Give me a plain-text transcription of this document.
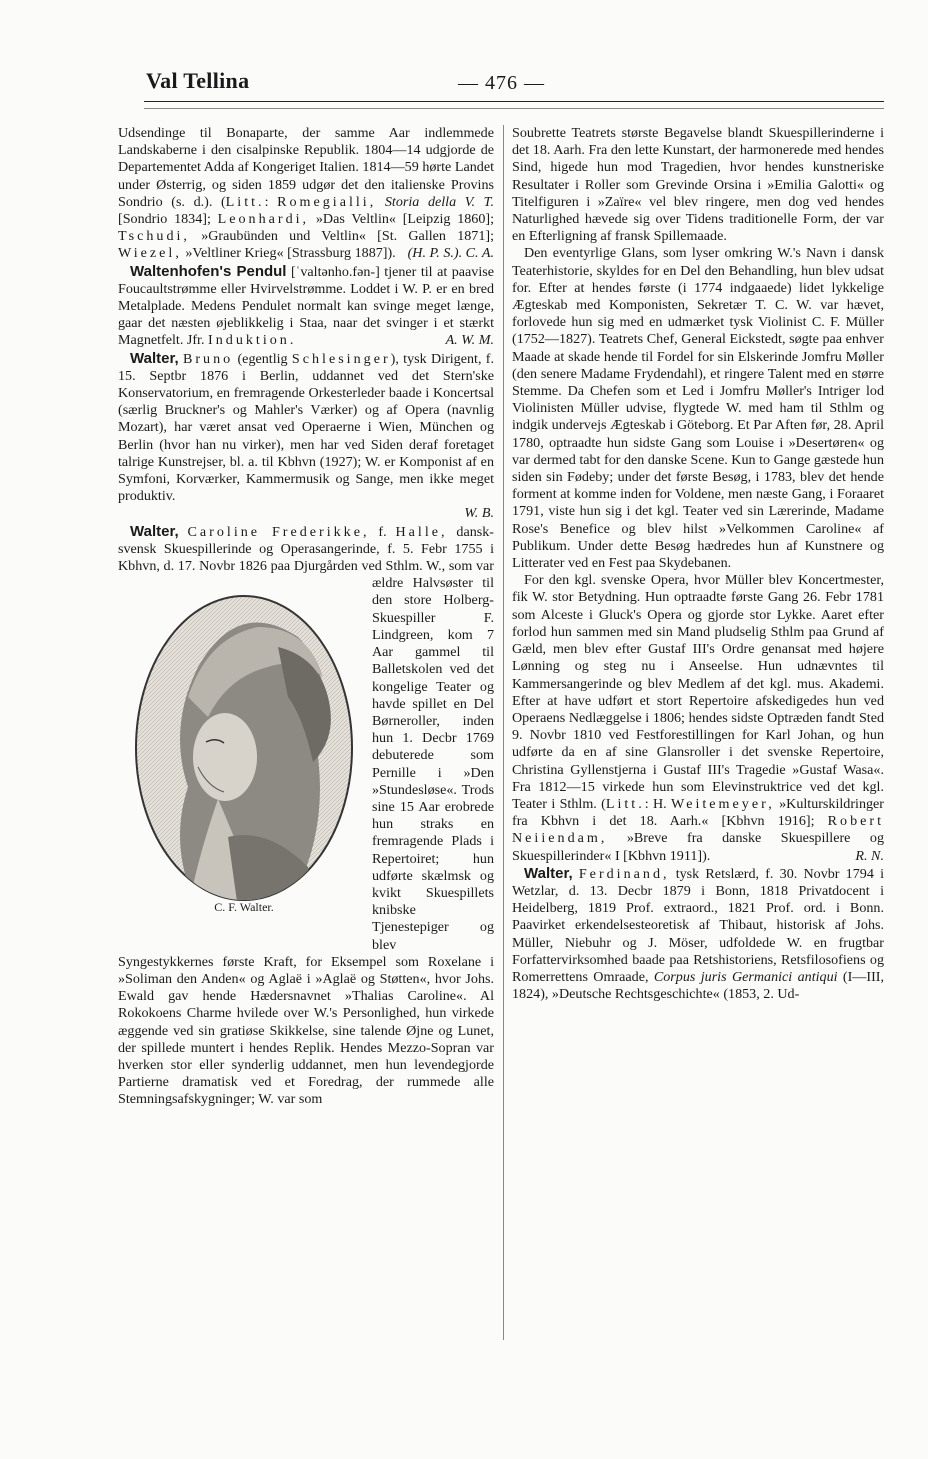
Val Tellina	— 476 —

Udsendinge til Bonaparte, der samme Aar indlemmede Landskaberne i den cisalpinske Republik. 1804—14 udgjorde de Departementet Adda af Kongeriget Italien. 1814—59 hørte Landet under Østerrig, og siden 1859 udgør det den italienske Provins Sondrio (s. d.). (Litt.: Romegialli, Storia della V. T. [Sondrio 1834]; Leonhardi, »Das Veltlin« [Leipzig 1860]; Tschudi, »Graubünden und Veltlin« [St. Gallen 1871]; Wiezel, »Veltliner Krieg« [Strassburg 1887]). (H. P. S.). C. A.

Waltenhofen's Pendul [ˈvaltənho.fən-] tjener til at paavise Foucaultstrømme eller Hvirvelstrømme. Loddet i W. P. er en bred Metalplade. Medens Pendulet normalt kan svinge meget længe, gaar det næsten øjeblikkelig i Staa, naar det svinger i et stærkt Magnetfelt. Jfr. Induktion.	A. W. M.

Walter, Bruno (egentlig Schlesinger), tysk Dirigent, f. 15. Septbr 1876 i Berlin, uddannet ved det Stern'ske Konservatorium, en fremragende Orkesterleder baade i Koncertsal (særlig Bruckner's og Mahler's Værker) og af Opera (navnlig Mozart), har været ansat ved Operaerne i Wien, München og Berlin (hvor han nu virker), men har ved Siden deraf foretaget talrige Kunstrejser, bl. a. til Kbhvn (1927); W. er Komponist af en Symfoni, Korværker, Kammermusik og Sange, men ikke meget produktiv.

W. B.

Walter, Caroline Frederikke, f. Halle, dansk-svensk Skuespillerinde og Operasangerinde, f. 5. Febr 1755 i Kbhvn, d. 17. Novbr 1826 paa Djurgården ved Sthlm. W., som
C. F. Walter.
var ældre Halvsøster til den store Holberg-Skuespiller F. Lindgreen, kom 7 Aar gammel til Balletskolen ved det kongelige Teater og havde spillet en Del Børneroller, inden hun 1. Decbr 1769 debuterede som Pernille i »Den »Stundesløse«. Trods sine 15 Aar erobrede hun straks en fremragende Plads i Repertoiret; hun udførte skælmsk og kvikt Skuespillets knibske Tjenestepiger og blev Syngestykkernes første Kraft, for Eksempel som Roxelane i »Soliman den Anden« og Aglaë i »Aglaë og Støtten«, hvor Johs. Ewald gav hende Hædersnavnet »Thalias Caroline«. Al Rokokoens Charme hvilede over W.'s Personlighed, hun virkede æggende ved sin gratiøse Skikkelse, sine talende Øjne og Lunet, der spillede muntert i hendes Replik. Hendes Mezzo-Sopran var hverken stor eller synderlig uddannet, men hun levendegjorde Partierne dramatisk ved et Foredrag, der rummede alle Stemningsafskygninger; W. var som

Soubrette Teatrets største Begavelse blandt Skuespillerinderne i det 18. Aarh. Fra den lette Kunstart, der harmonerede med hendes Sind, higede hun mod Tragedien, hvor hendes kunstneriske Resultater i Roller som Grevinde Orsina i »Emilia Galotti« og Titelfiguren i »Zaïre« vel blev ringere, men dog ved hendes Naturlighed hævede sig over Tidens traditionelle Form, der var en Efterligning af fransk Spillemaade.

Den eventyrlige Glans, som lyser omkring W.'s Navn i dansk Teaterhistorie, skyldes for en Del den Behandling, hun blev udsat for. Efter at hendes første (i 1774 indgaaede) lidet lykkelige Ægteskab med Komponisten, Sekretær T. C. W. var hævet, forlovede hun sig med en udmærket tysk Violinist C. F. Müller (1752—1827). Teatrets Chef, General Eickstedt, søgte paa enhver Maade at skade hende til Fordel for sin Elskerinde Jomfru Møller (den senere Madame Frydendahl), et ringere Talent med en større Stemme. Da Chefen som et Led i Jomfru Møller's Intriger lod Violinisten Müller udvise, flygtede W. med ham til Sthlm og indgik undervejs Ægteskab i Göteborg. Et Par Aften før, 28. April 1780, optraadte hun sidste Gang som Louise i »Desertøren« og var dermed tabt for den danske Scene. Kun to Gange gæstede hun siden sin Fødeby; under det første Besøg, i 1783, blev det hende forment at komme inden for Voldene, men næste Gang, i Foraaret 1791, viste hun sig i det kgl. Teater ved sin Lærerinde, Madame Rose's Benefice og blev hilst »Velkommen Caroline« af Publikum. Under dette Besøg hædredes hun af Kunstnere og Litterater ved en Fest paa Skydebanen.

For den kgl. svenske Opera, hvor Müller blev Koncertmester, fik W. stor Betydning. Hun optraadte første Gang 26. Febr 1781 som Alceste i Gluck's Opera og gjorde stor Lykke. Aaret efter forlod hun sammen med sin Mand pludselig Sthlm paa Grund af Gæld, men blev efter Gustaf III's Ordre genansat med højere Lønning og steg nu i Anseelse. Hun udnævntes til Kammersangerinde og blev Medlem af det kgl. mus. Akademi. Efter at have udført et stort Repertoire afskedigedes hun ved Operaens Nedlæggelse i 1806; hendes sidste Optræden fandt Sted 9. Novbr 1810 ved Festforestillingen for Karl Johan, og hun udførte da en af sine Glansroller i det svenske Repertoire, Christina Gyllenstjerna i Gustaf III's Tragedie »Gustaf Wasa«. Fra 1812—15 virkede hun som Elevinstruktrice ved det kgl. Teater i Sthlm. (Litt.: H. Weitemeyer, »Kulturskildringer fra Kbhvn i det 18. Aarh.« [Kbhvn 1916]; Robert Neiiendam, »Breve fra danske Skuespillere og Skuespillerinder« I [Kbhvn 1911]).	R. N.

Walter, Ferdinand, tysk Retslærd, f. 30. Novbr 1794 i Wetzlar, d. 13. Decbr 1879 i Bonn, 1818 Privatdocent i Heidelberg, 1819 Prof. extraord., 1821 Prof. ord. i Bonn. Paavirket erkendelsesteoretisk af Thibaut, historisk af Johs. Müller, Niebuhr og J. Möser, udfoldede W. en frugtbar Forfattervirksomhed baade paa Retshistoriens, Retsfilosofiens og Romerrettens Omraade, Corpus juris Germanici antiqui (I—III, 1824), »Deutsche Rechtsgeschichte« (1853, 2. Ud-
